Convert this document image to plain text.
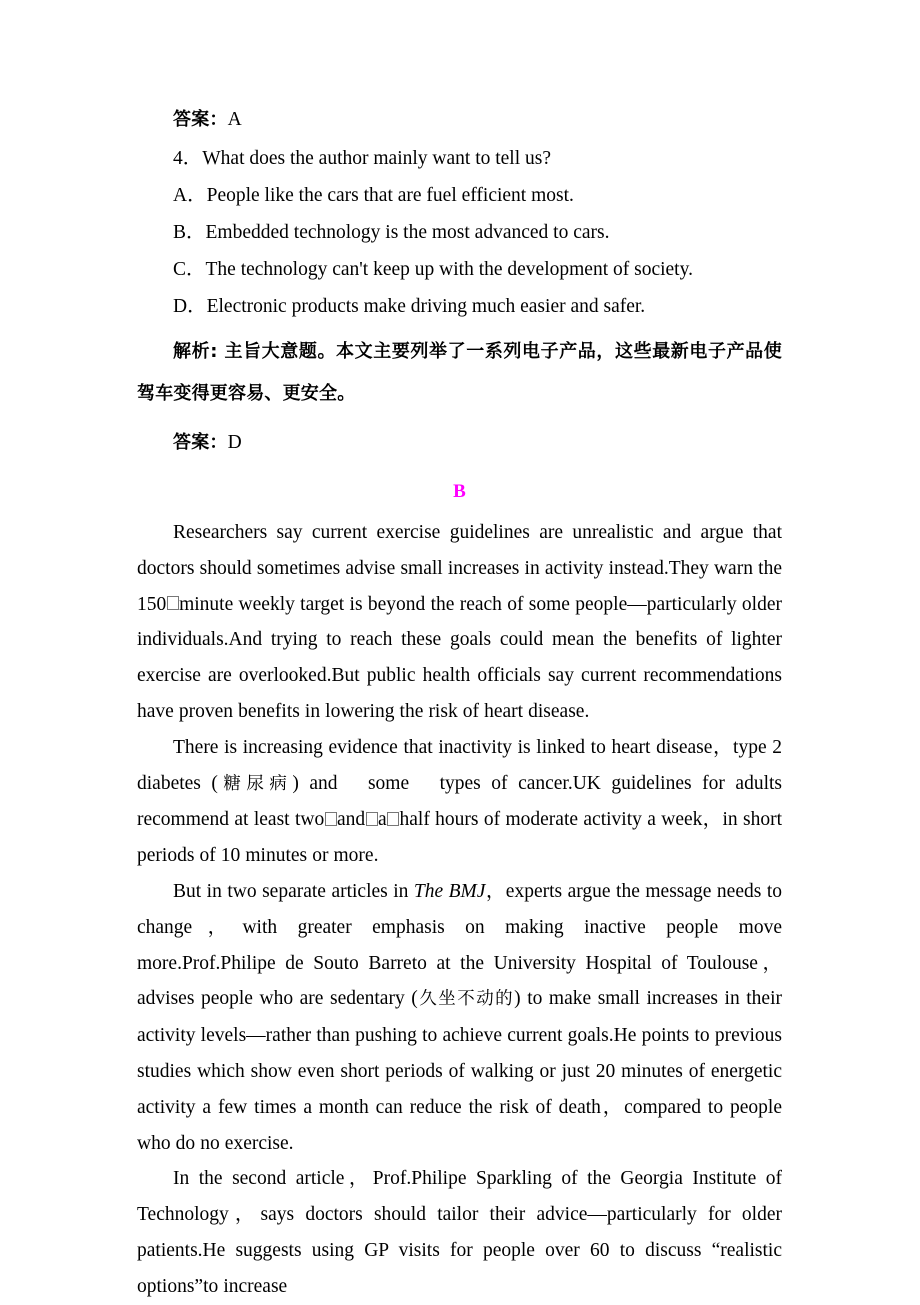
答案：A
4．What does the author mainly want to tell us?
A．People like the cars that are fuel efficient most.
B．Embedded technology is the most advanced to cars.
C．The technology can't keep up with the development of society.
D．Electronic products make driving much easier and safer.
解析: 主旨大意题。本文主要列举了一系列电子产品，这些最新电子产品使驾车变得更容易、更安全。
答案：D
B
Researchers say current exercise guidelines are unrealistic and argue that doctors should sometimes advise small increases in activity instead.They warn the 150 minute weekly target is beyond the reach of some people—particularly older individuals.And trying to reach these goals could mean the benefits of lighter exercise are overlooked.But public health officials say current recommendations have proven benefits in lowering the risk of heart disease.
There is increasing evidence that inactivity is linked to heart disease，type 2 diabetes (糖尿病) and　some　types of cancer.UK guidelines for adults recommend at least two and a half hours of moderate activity a week，in short periods of 10 minutes or more.
But in two separate articles in The BMJ，experts argue the message needs to change，with greater emphasis on making inactive people move more.Prof.Philipe de Souto Barreto at the University Hospital of Toulouse，advises people who are sedentary (久坐不动的) to make small increases in their activity levels—rather than pushing to achieve current goals.He points to previous studies which show even short periods of walking or just 20 minutes of energetic activity a few times a month can reduce the risk of death，compared to people who do no exercise.
In the second article，Prof.Philipe Sparkling of the Georgia Institute of Technology，says doctors should tailor their advice—particularly for older patients.He suggests using GP visits for people over 60 to discuss “realistic options”to increase
